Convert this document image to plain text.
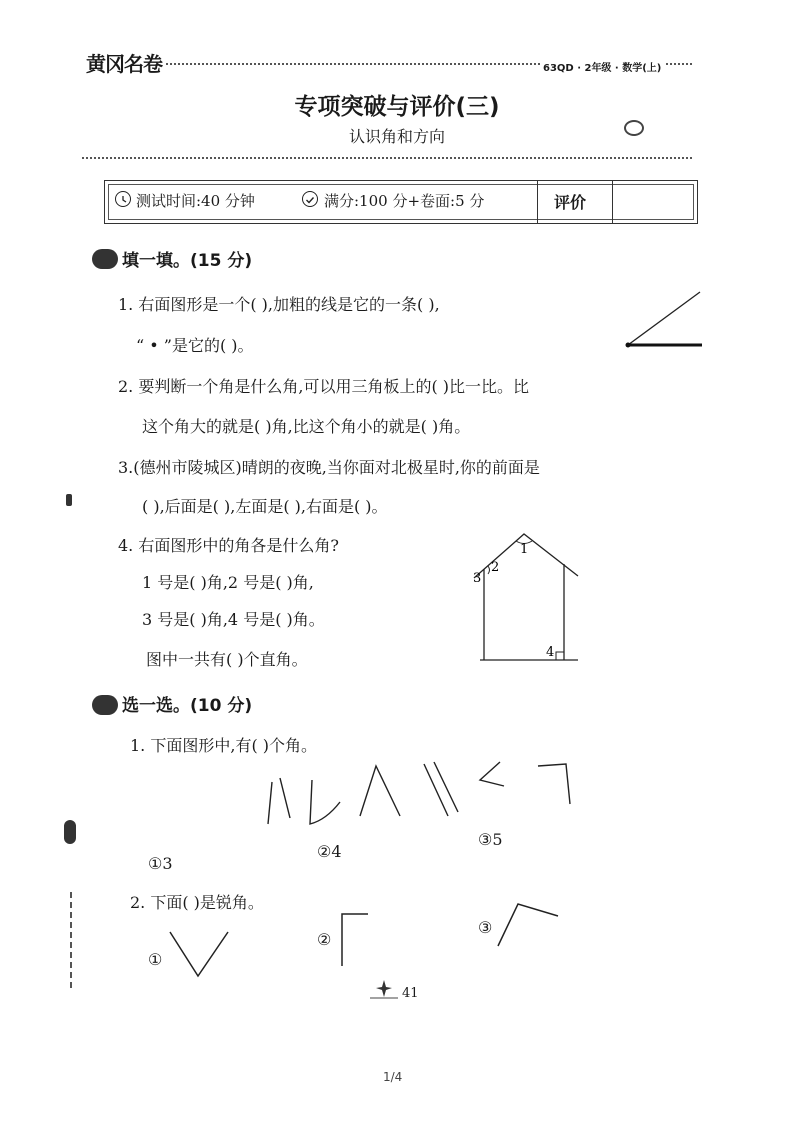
黄冈名卷	63QD · 2年级 · 数学(上)
专项突破与评价(三)
认识角和方向
测试时间:40 分钟	满分:100 分+卷面:5 分	评价
填一填。(15 分)
1. 右面图形是一个( ),加粗的线是它的一条( ),
“ • ”是它的( )。
2. 要判断一个角是什么角,可以用三角板上的( )比一比。比
这个角大的就是( )角,比这个角小的就是( )角。
3.(德州市陵城区)晴朗的夜晚,当你面对北极星时,你的前面是
( ),后面是( ),左面是( ),右面是( )。
4. 右面图形中的角各是什么角?
1 号是( )角,2 号是( )角,
3 号是( )角,4 号是( )角。
图中一共有( )个直角。
1
2
3
4
选一选。(10 分)
1. 下面图形中,有( )个角。
①3
②4
③5
2. 下面( )是锐角。
①
②
③
41
1/4
